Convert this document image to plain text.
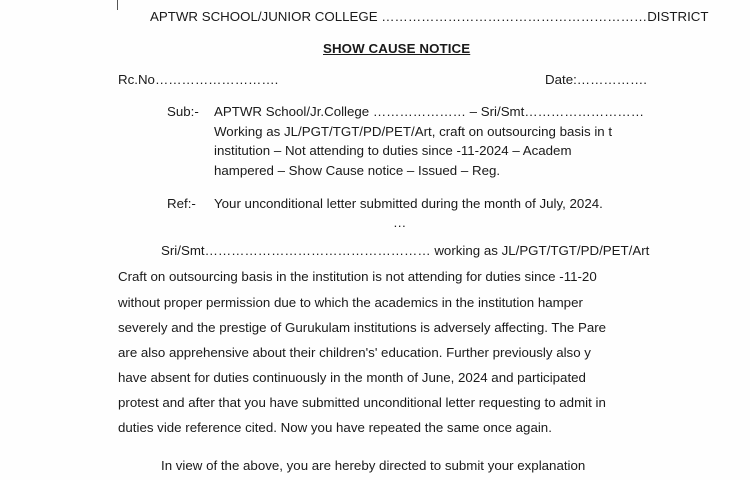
APTWR SCHOOL/JUNIOR COLLEGE ……………………………………………………DISTRICT
SHOW CAUSE NOTICE
Rc.No……………………….	Date:…………….
Sub:- APTWR School/Jr.College ………………… – Sri/Smt………………………
Working as JL/PGT/TGT/PD/PET/Art, craft on outsourcing basis in t
institution – Not attending to duties since -11-2024 – Academ
hampered – Show Cause notice – Issued – Reg.
Ref:- Your unconditional letter submitted during the month of July, 2024.
…
Sri/Smt…………………………………………… working as JL/PGT/TGT/PD/PET/Art
Craft on outsourcing basis in the institution is not attending for duties since -11-20
without proper permission due to which the academics in the institution hamper
severely and the prestige of Gurukulam institutions is adversely affecting. The Pare
are also apprehensive about their children's' education. Further previously also y
have absent for duties continuously in the month of June, 2024 and participated
protest and after that you have submitted unconditional letter requesting to admit in
duties vide reference cited. Now you have repeated the same once again.
In view of the above, you are hereby directed to submit your explanation
